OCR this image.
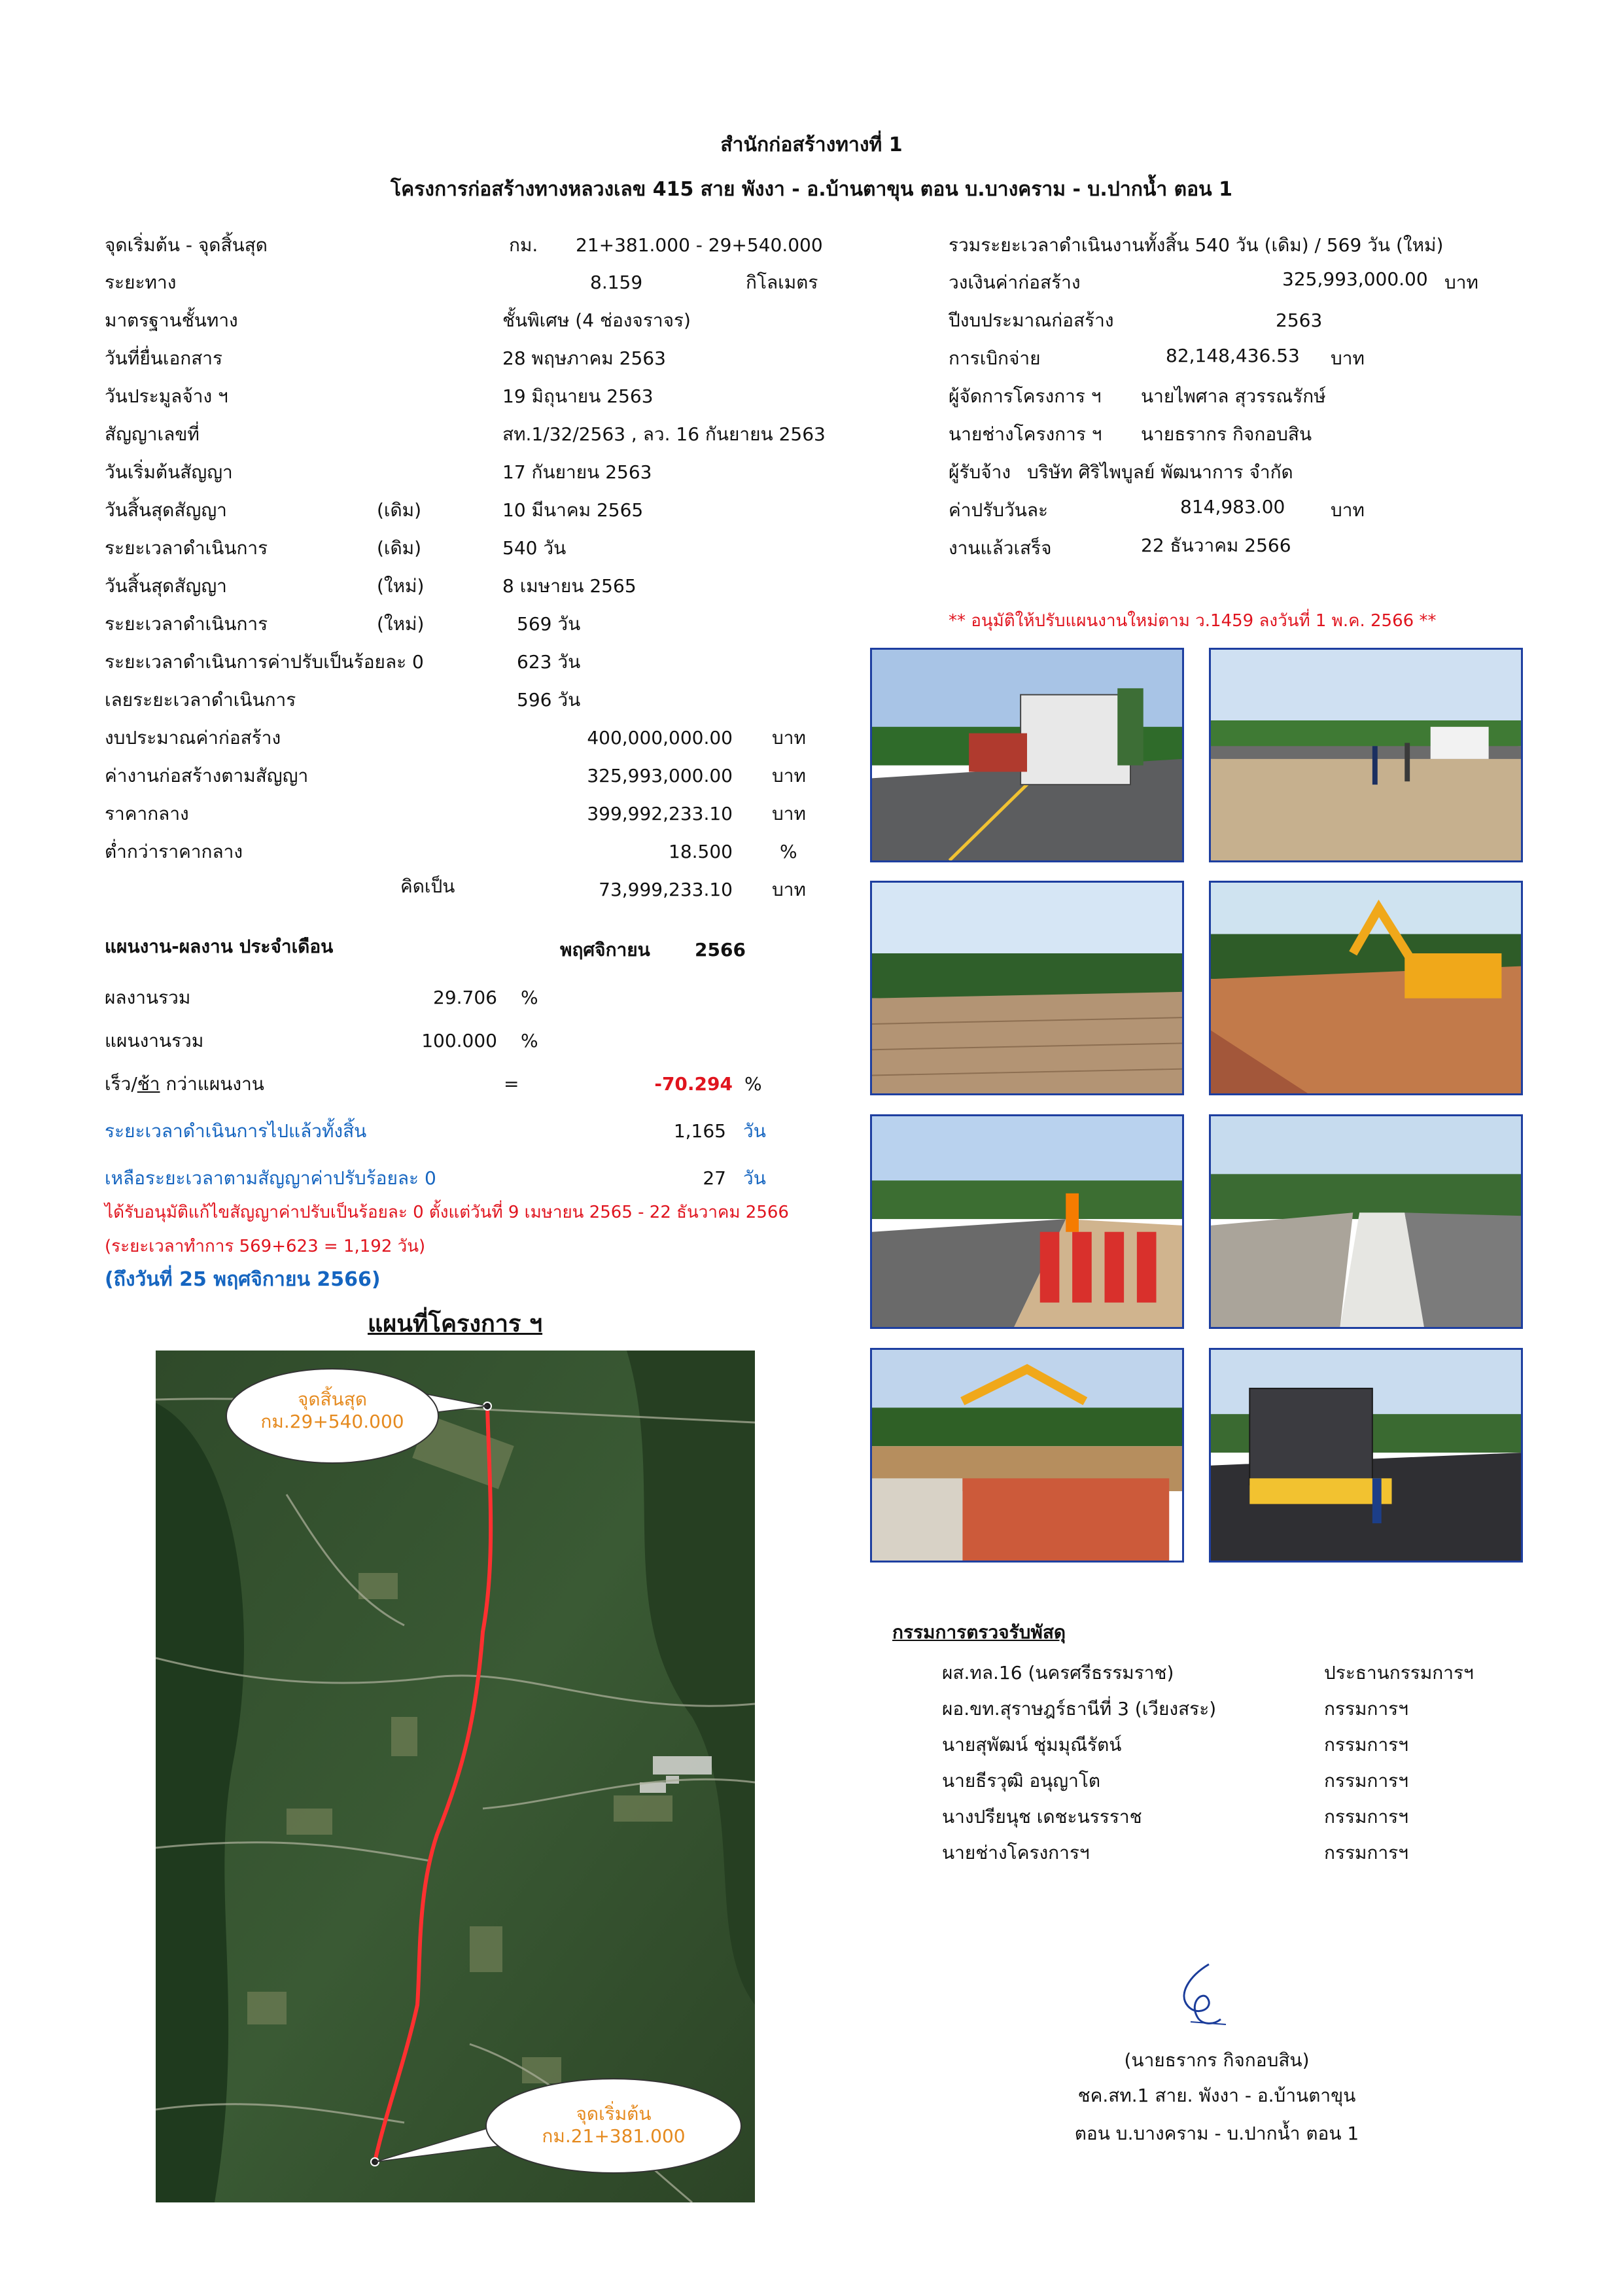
สำนักก่อสร้างทางที่ 1
โครงการก่อสร้างทางหลวงเลข 415 สาย พังงา - อ.บ้านตาขุน ตอน บ.บางคราม - บ.ปากน้ำ ตอน 1
จุดเริ่มต้น - จุดสิ้นสุด	กม. 21+381.000 - 29+540.000
ระยะทาง	8.159	กิโลเมตร
มาตรฐานชั้นทาง	ชั้นพิเศษ (4 ช่องจราจร)
วันที่ยื่นเอกสาร	28 พฤษภาคม 2563
วันประมูลจ้าง ฯ	19 มิถุนายน 2563
สัญญาเลขที่	สท.1/32/2563 , ลว. 16 กันยายน 2563
วันเริ่มต้นสัญญา	17 กันยายน 2563
วันสิ้นสุดสัญญา	(เดิม)	10 มีนาคม 2565
ระยะเวลาดำเนินการ	(เดิม)	540 วัน
วันสิ้นสุดสัญญา	(ใหม่)	8 เมษายน 2565
ระยะเวลาดำเนินการ	(ใหม่)	569 วัน
ระยะเวลาดำเนินการค่าปรับเป็นร้อยละ 0	623 วัน
เลยระยะเวลาดำเนินการ	596 วัน
งบประมาณค่าก่อสร้าง	400,000,000.00 บาท
ค่างานก่อสร้างตามสัญญา	325,993,000.00 บาท
ราคากลาง	399,992,233.10 บาท
ต่ำกว่าราคากลาง	18.500	%
คิดเป็น	73,999,233.10 บาท
รวมระยะเวลาดำเนินงานทั้งสิ้น 540 วัน (เดิม) / 569 วัน (ใหม่)
วงเงินค่าก่อสร้าง	325,993,000.00 บาท
ปีงบประมาณก่อสร้าง	2563
การเบิกจ่าย	82,148,436.53 บาท
ผู้จัดการโครงการ ฯ นายไพศาล สุวรรณรักษ์
นายช่างโครงการ ฯ นายธรากร กิจกอบสิน
ผู้รับจ้าง บริษัท ศิริไพบูลย์ พัฒนาการ จำกัด
ค่าปรับวันละ	814,983.00 บาท
งานแล้วเสร็จ	22 ธันวาคม 2566
** อนุมัติให้ปรับแผนงานใหม่ตาม ว.1459 ลงวันที่ 1 พ.ค. 2566 **
แผนงาน-ผลงาน ประจำเดือน	พฤศจิกายน 2566
ผลงานรวม	29.706 %
แผนงานรวม	100.000 %
เร็ว/ช้า กว่าแผนงาน	=	-70.294 %
ระยะเวลาดำเนินการไปแล้วทั้งสิ้น	1,165 วัน
เหลือระยะเวลาตามสัญญาค่าปรับร้อยละ 0	27 วัน
ได้รับอนุมัติแก้ไขสัญญาค่าปรับเป็นร้อยละ 0 ตั้งแต่วันที่ 9 เมษายน 2565 - 22 ธันวาคม 2566
(ระยะเวลาทำการ 569+623 = 1,192 วัน)
(ถึงวันที่ 25 พฤศจิกายน 2566)
แผนที่โครงการ ฯ
จุดสิ้นสุด
กม.29+540.000
จุดเริ่มต้น
กม.21+381.000
กรรมการตรวจรับพัสดุ
ผส.ทล.16 (นครศรีธรรมราช)	ประธานกรรมการฯ
ผอ.ขท.สุราษฎร์ธานีที่ 3 (เวียงสระ)	กรรมการฯ
นายสุพัฒน์ ชุ่มมุณีรัตน์	กรรมการฯ
นายธีรวุฒิ อนุญาโต	กรรมการฯ
นางปรียนุช เดชะนรรราช	กรรมการฯ
นายช่างโครงการฯ	กรรมการฯ
(นายธรากร กิจกอบสิน)
ชค.สท.1 สาย. พังงา - อ.บ้านตาขุน
ตอน บ.บางคราม - บ.ปากน้ำ ตอน 1
